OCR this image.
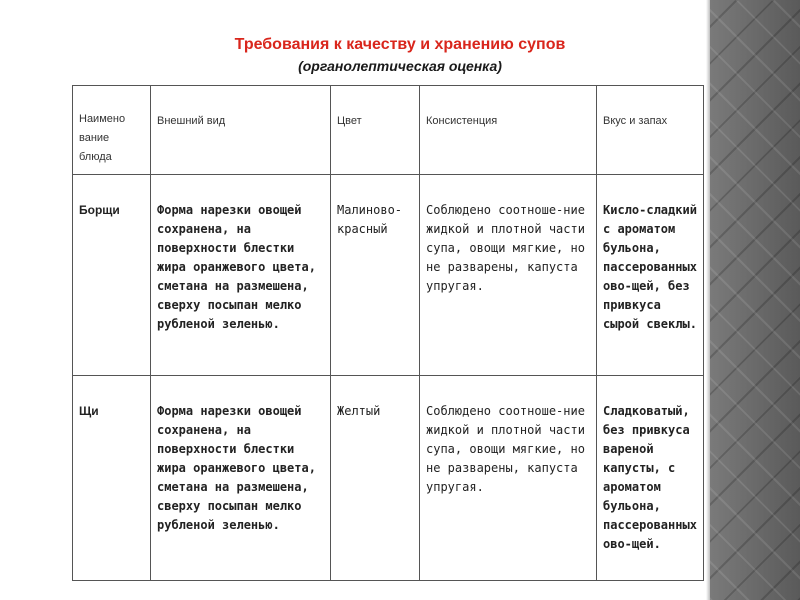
Требования к качеству и хранению супов
(органолептическая оценка)
Наимено вание блюда	Внешний вид	Цвет	Консистенция	Вкус и запах
Борщи	Форма нарезки овощей сохранена, на поверхности блестки жира оранжевого цвета, сметана на размешена, сверху посыпан мелко рубленой зеленью.	Малиново-красный	Соблюдено соотноше-ние жидкой и плотной части супа, овощи мягкие, но не разварены, капуста упругая.	Кисло-сладкий с ароматом бульона, пассерованных ово-щей, без привкуса сырой свеклы.
Щи	Форма нарезки овощей сохранена, на поверхности блестки жира оранжевого цвета, сметана на размешена, сверху посыпан мелко рубленой зеленью.	Желтый	Соблюдено соотноше-ние жидкой и плотной части супа, овощи мягкие, но не разварены, капуста упругая.	Сладковатый, без привкуса вареной капусты, с ароматом бульона, пассерованных ово-щей.
